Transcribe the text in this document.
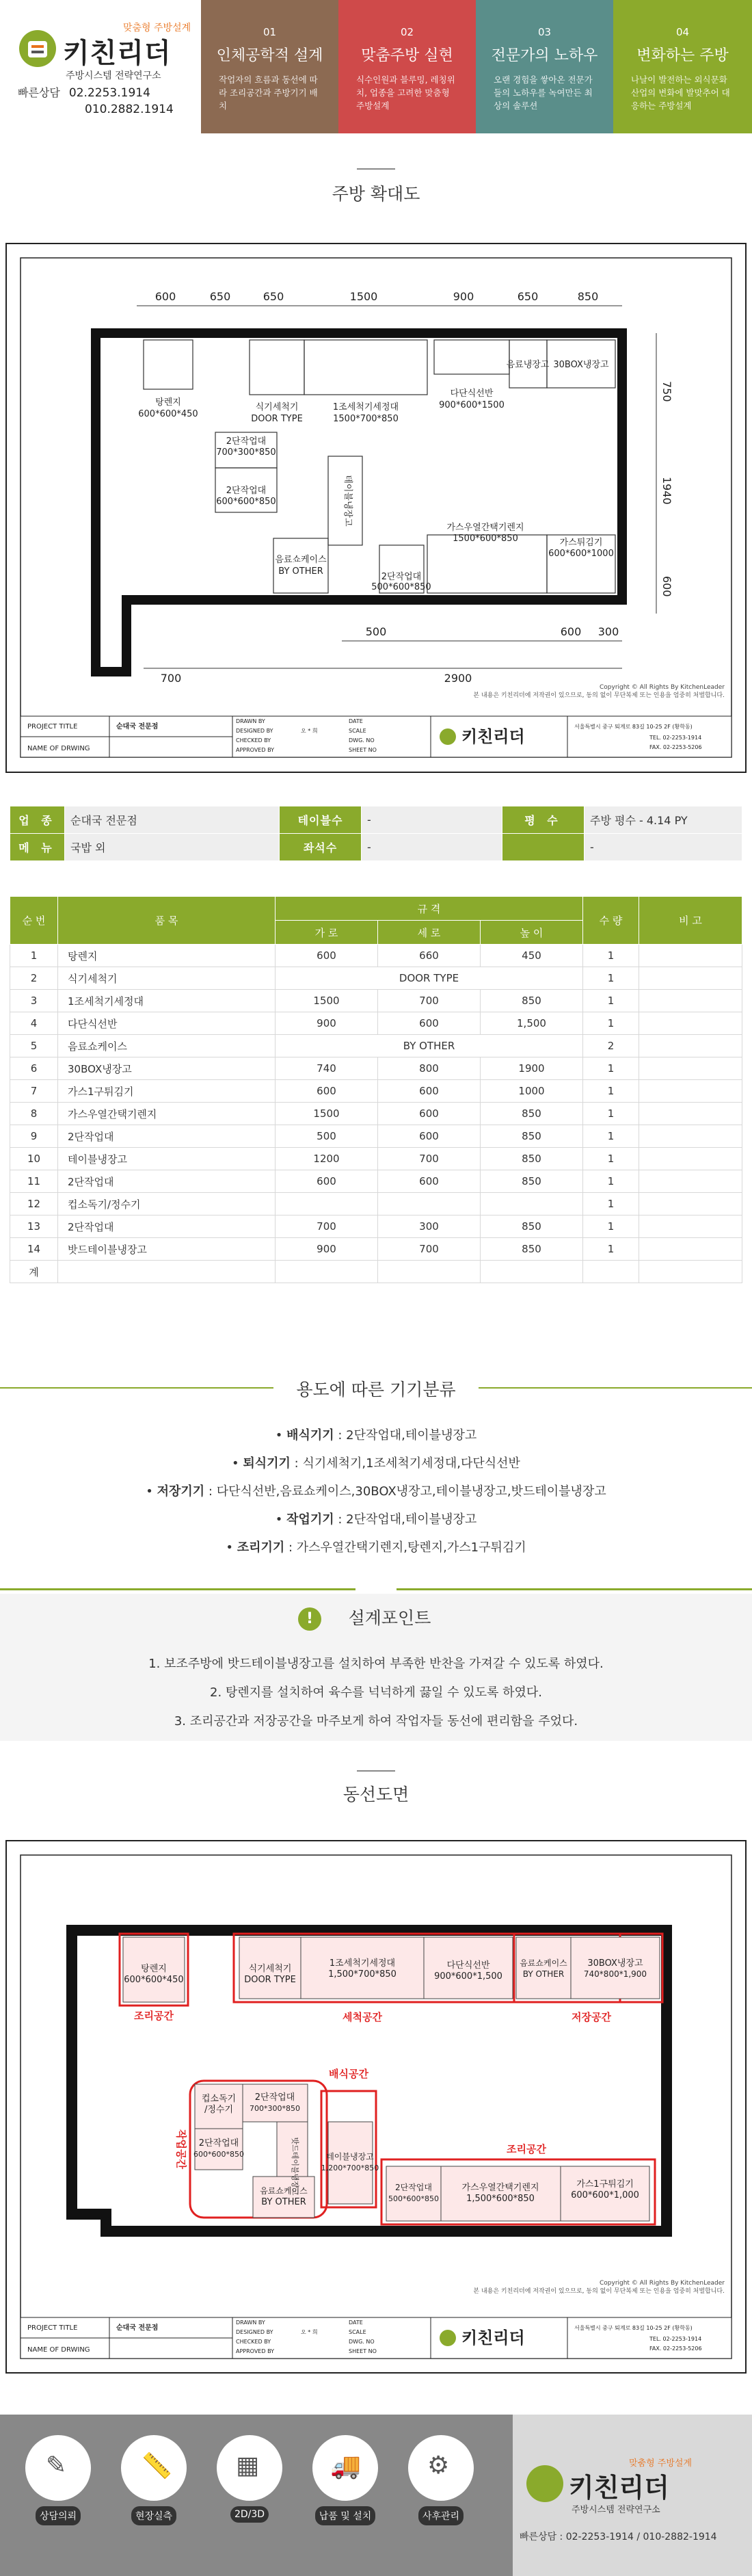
맞춤형 주방설계
키친리더
주방시스템 전략연구소
빠른상담 02.2253.1914
010.2882.1914
01
인체공학적 설계
작업자의 흐름과 동선에 따라 조리공간과 주방기기 배치
02
맞춤주방 실현
식수인원과 블루밍, 레칭위치, 업종을 고려한 맞춤형 주방설계
03
전문가의 노하우
오랜 경험을 쌓아온 전문가들의 노하우를 녹여만든 최상의 솔루션
04
변화하는 주방
나날이 발전하는 외식문화 산업의 변화에 발맞추어 대응하는 주방설계
주방 확대도
600	650	650	1500	900	650	850
750
1940
600
500	600 300
700	2900
탕렌지
600*600*450
식기세척기
DOOR TYPE
1조세척기세정대
1500*700*850
다단식선반
900*600*1500
음료냉장고 30BOX냉장고
2단작업대
700*300*850
2단작업대
600*600*850	테이블냉장고
음료쇼케이스
BY OTHER
2단작업대
500*600*850
가스우열간택기렌지
1500*600*850	가스튀김기
600*600*1000
Copyright © All Rights By KitchenLeader
본 내용은 키친리더에 저작권이 있으므로, 동의 없이 무단복제 또는 인용을 엄중히 처벌합니다.
PROJECT TITLE	순대국 전문점
NAME OF DRWING
DRAWN BY
DESIGNED BY
CHECKED BY
APPROVED BY
오 * 희
DATE
SCALE
DWG. NO
SHEET NO
키친리더
서울특별시 중구 퇴계로 83길 10-25 2F (황학동)
TEL. 02-2253-1914
FAX. 02-2253-5206
업 종	순대국 전문점	테이블수	-	평 수	주방 평수 - 4.14 PY
메 뉴	국밥 외	좌석수	-		-
순 번	품 목	규 격			수 량	비 고
		가 로	세 로	높 이		
1	탕렌지	600	660	450	1	
2	식기세척기	DOOR TYPE			1	
3	1조세척기세정대	1500	700	850	1	
4	다단식선반	900	600	1,500	1	
5	음료쇼케이스	BY OTHER			2	
6	30BOX냉장고	740	800	1900	1	
7	가스1구튀김기	600	600	1000	1	
8	가스우열간택기렌지	1500	600	850	1	
9	2단작업대	500	600	850	1	
10	테이블냉장고	1200	700	850	1	
11	2단작업대	600	600	850	1	
12	컵소독기/정수기				1	
13	2단작업대	700	300	850	1	
14	밧드테이블냉장고	900	700	850	1	
계						
용도에 따른 기기분류
• 배식기기 : 2단작업대,테이블냉장고
• 퇴식기기 : 식기세척기,1조세척기세정대,다단식선반
• 저장기기 : 다단식선반,음료쇼케이스,30BOX냉장고,테이블냉장고,밧드테이블냉장고
• 작업기기 : 2단작업대,테이블냉장고
• 조리기기 : 가스우열간택기렌지,탕렌지,가스1구튀김기
!	설계포인트
1. 보조주방에 밧드테이블냉장고를 설치하여 부족한 반찬을 가져갈 수 있도록 하였다.
2. 탕렌지를 설치하여 육수를 넉넉하게 끓일 수 있도록 하였다.
3. 조리공간과 저장공간을 마주보게 하여 작업자들 동선에 편리함을 주었다.
동선도면
탕렌지
600*600*450
식기세척기
DOOR TYPE
1조세척기세정대
1,500*700*850
다단식선반
900*600*1,500
음료쇼케이스
BY OTHER
30BOX냉장고
740*800*1,900
컵소독기
/정수기
2단작업대
700*300*850
2단작업대
600*600*850	밧드테이블냉장고	테이블냉장고
1,200*700*850
음료쇼케이스
BY OTHER
2단작업대
500*600*850
가스우열간택기렌지
1,500*600*850
가스1구튀김기
600*600*1,000
조리공간	세척공간	저장공간
배식공간
조리공간
작업공간
Copyright © All Rights By KitchenLeader
본 내용은 키친리더에 저작권이 있으므로, 동의 없이 무단복제 또는 인용을 엄중히 처벌합니다.
PROJECT TITLE	순대국 전문점
NAME OF DRWING
DRAWN BY
DESIGNED BY
CHECKED BY
APPROVED BY
오 * 희
DATE
SCALE
DWG. NO
SHEET NO
키친리더
서울특별시 중구 퇴계로 83길 10-25 2F (황학동)
TEL. 02-2253-1914
FAX. 02-2253-5206
✎
상담의뢰
📏
현장실측
▦
2D/3D
🚚
납품 및 설치
⚙
사후관리
맞춤형 주방설계
키친리더
주방시스템 전략연구소
빠른상담 : 02-2253-1914 / 010-2882-1914
